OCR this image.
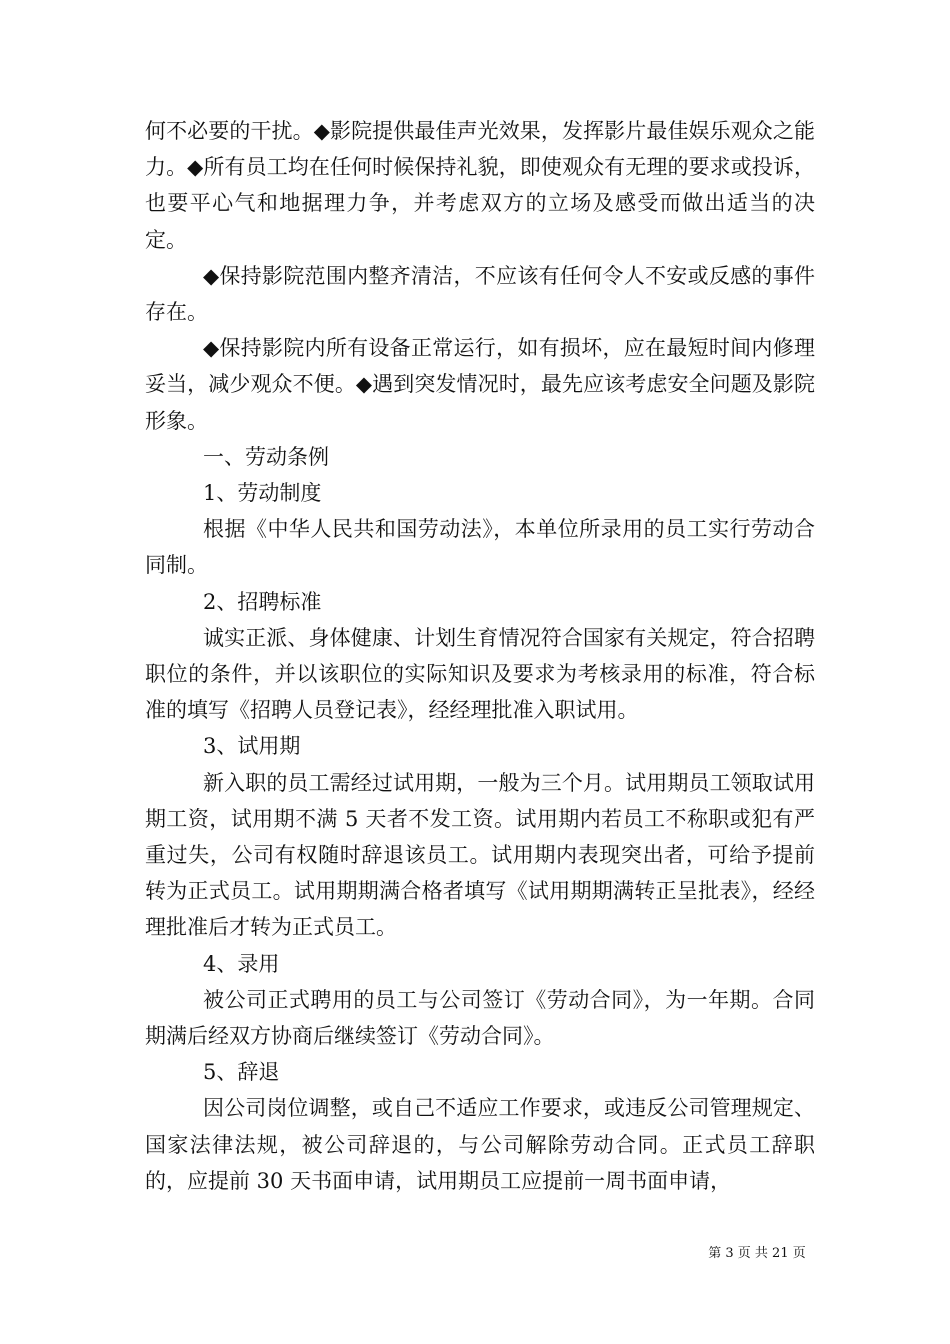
何不必要的干扰。◆影院提供最佳声光效果，发挥影片最佳娱乐观众之能力。◆所有员工均在任何时候保持礼貌，即使观众有无理的要求或投诉，也要平心气和地据理力争，并考虑双方的立场及感受而做出适当的决定。

◆保持影院范围内整齐清洁，不应该有任何令人不安或反感的事件存在。

◆保持影院内所有设备正常运行，如有损坏，应在最短时间内修理妥当，减少观众不便。◆遇到突发情况时，最先应该考虑安全问题及影院形象。

一、劳动条例

1、劳动制度

根据《中华人民共和国劳动法》，本单位所录用的员工实行劳动合同制。

2、招聘标准

诚实正派、身体健康、计划生育情况符合国家有关规定，符合招聘职位的条件，并以该职位的实际知识及要求为考核录用的标准，符合标准的填写《招聘人员登记表》，经经理批准入职试用。

3、试用期

新入职的员工需经过试用期，一般为三个月。试用期员工领取试用期工资，试用期不满 5 天者不发工资。试用期内若员工不称职或犯有严重过失，公司有权随时辞退该员工。试用期内表现突出者，可给予提前转为正式员工。试用期期满合格者填写《试用期期满转正呈批表》，经经理批准后才转为正式员工。

4、录用

被公司正式聘用的员工与公司签订《劳动合同》，为一年期。合同期满后经双方协商后继续签订《劳动合同》。

5、辞退

因公司岗位调整，或自己不适应工作要求，或违反公司管理规定、国家法律法规，被公司辞退的，与公司解除劳动合同。正式员工辞职的，应提前 30 天书面申请，试用期员工应提前一周书面申请，

第 3 页 共 21 页
